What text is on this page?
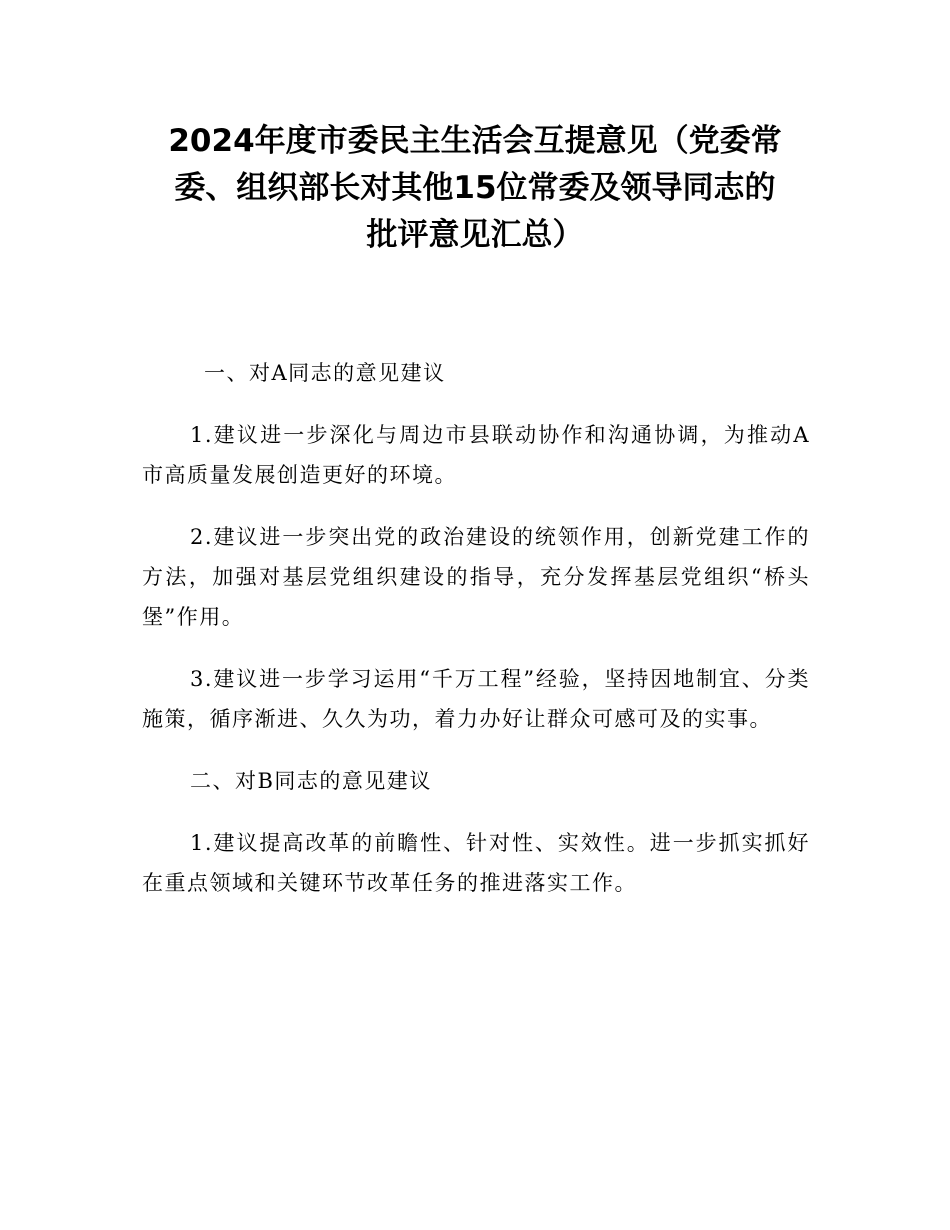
2024年度市委民主生活会互提意见（党委常
委、组织部长对其他15位常委及领导同志的
批评意见汇总）

一、对A同志的意见建议

1.建议进一步深化与周边市县联动协作和沟通协调，为推动A市高质量发展创造更好的环境。

2.建议进一步突出党的政治建设的统领作用，创新党建工作的方法，加强对基层党组织建设的指导，充分发挥基层党组织“桥头堡”作用。

3.建议进一步学习运用“千万工程”经验，坚持因地制宜、分类施策，循序渐进、久久为功，着力办好让群众可感可及的实事。

二、对B同志的意见建议

1.建议提高改革的前瞻性、针对性、实效性。进一步抓实抓好在重点领域和关键环节改革任务的推进落实工作。
